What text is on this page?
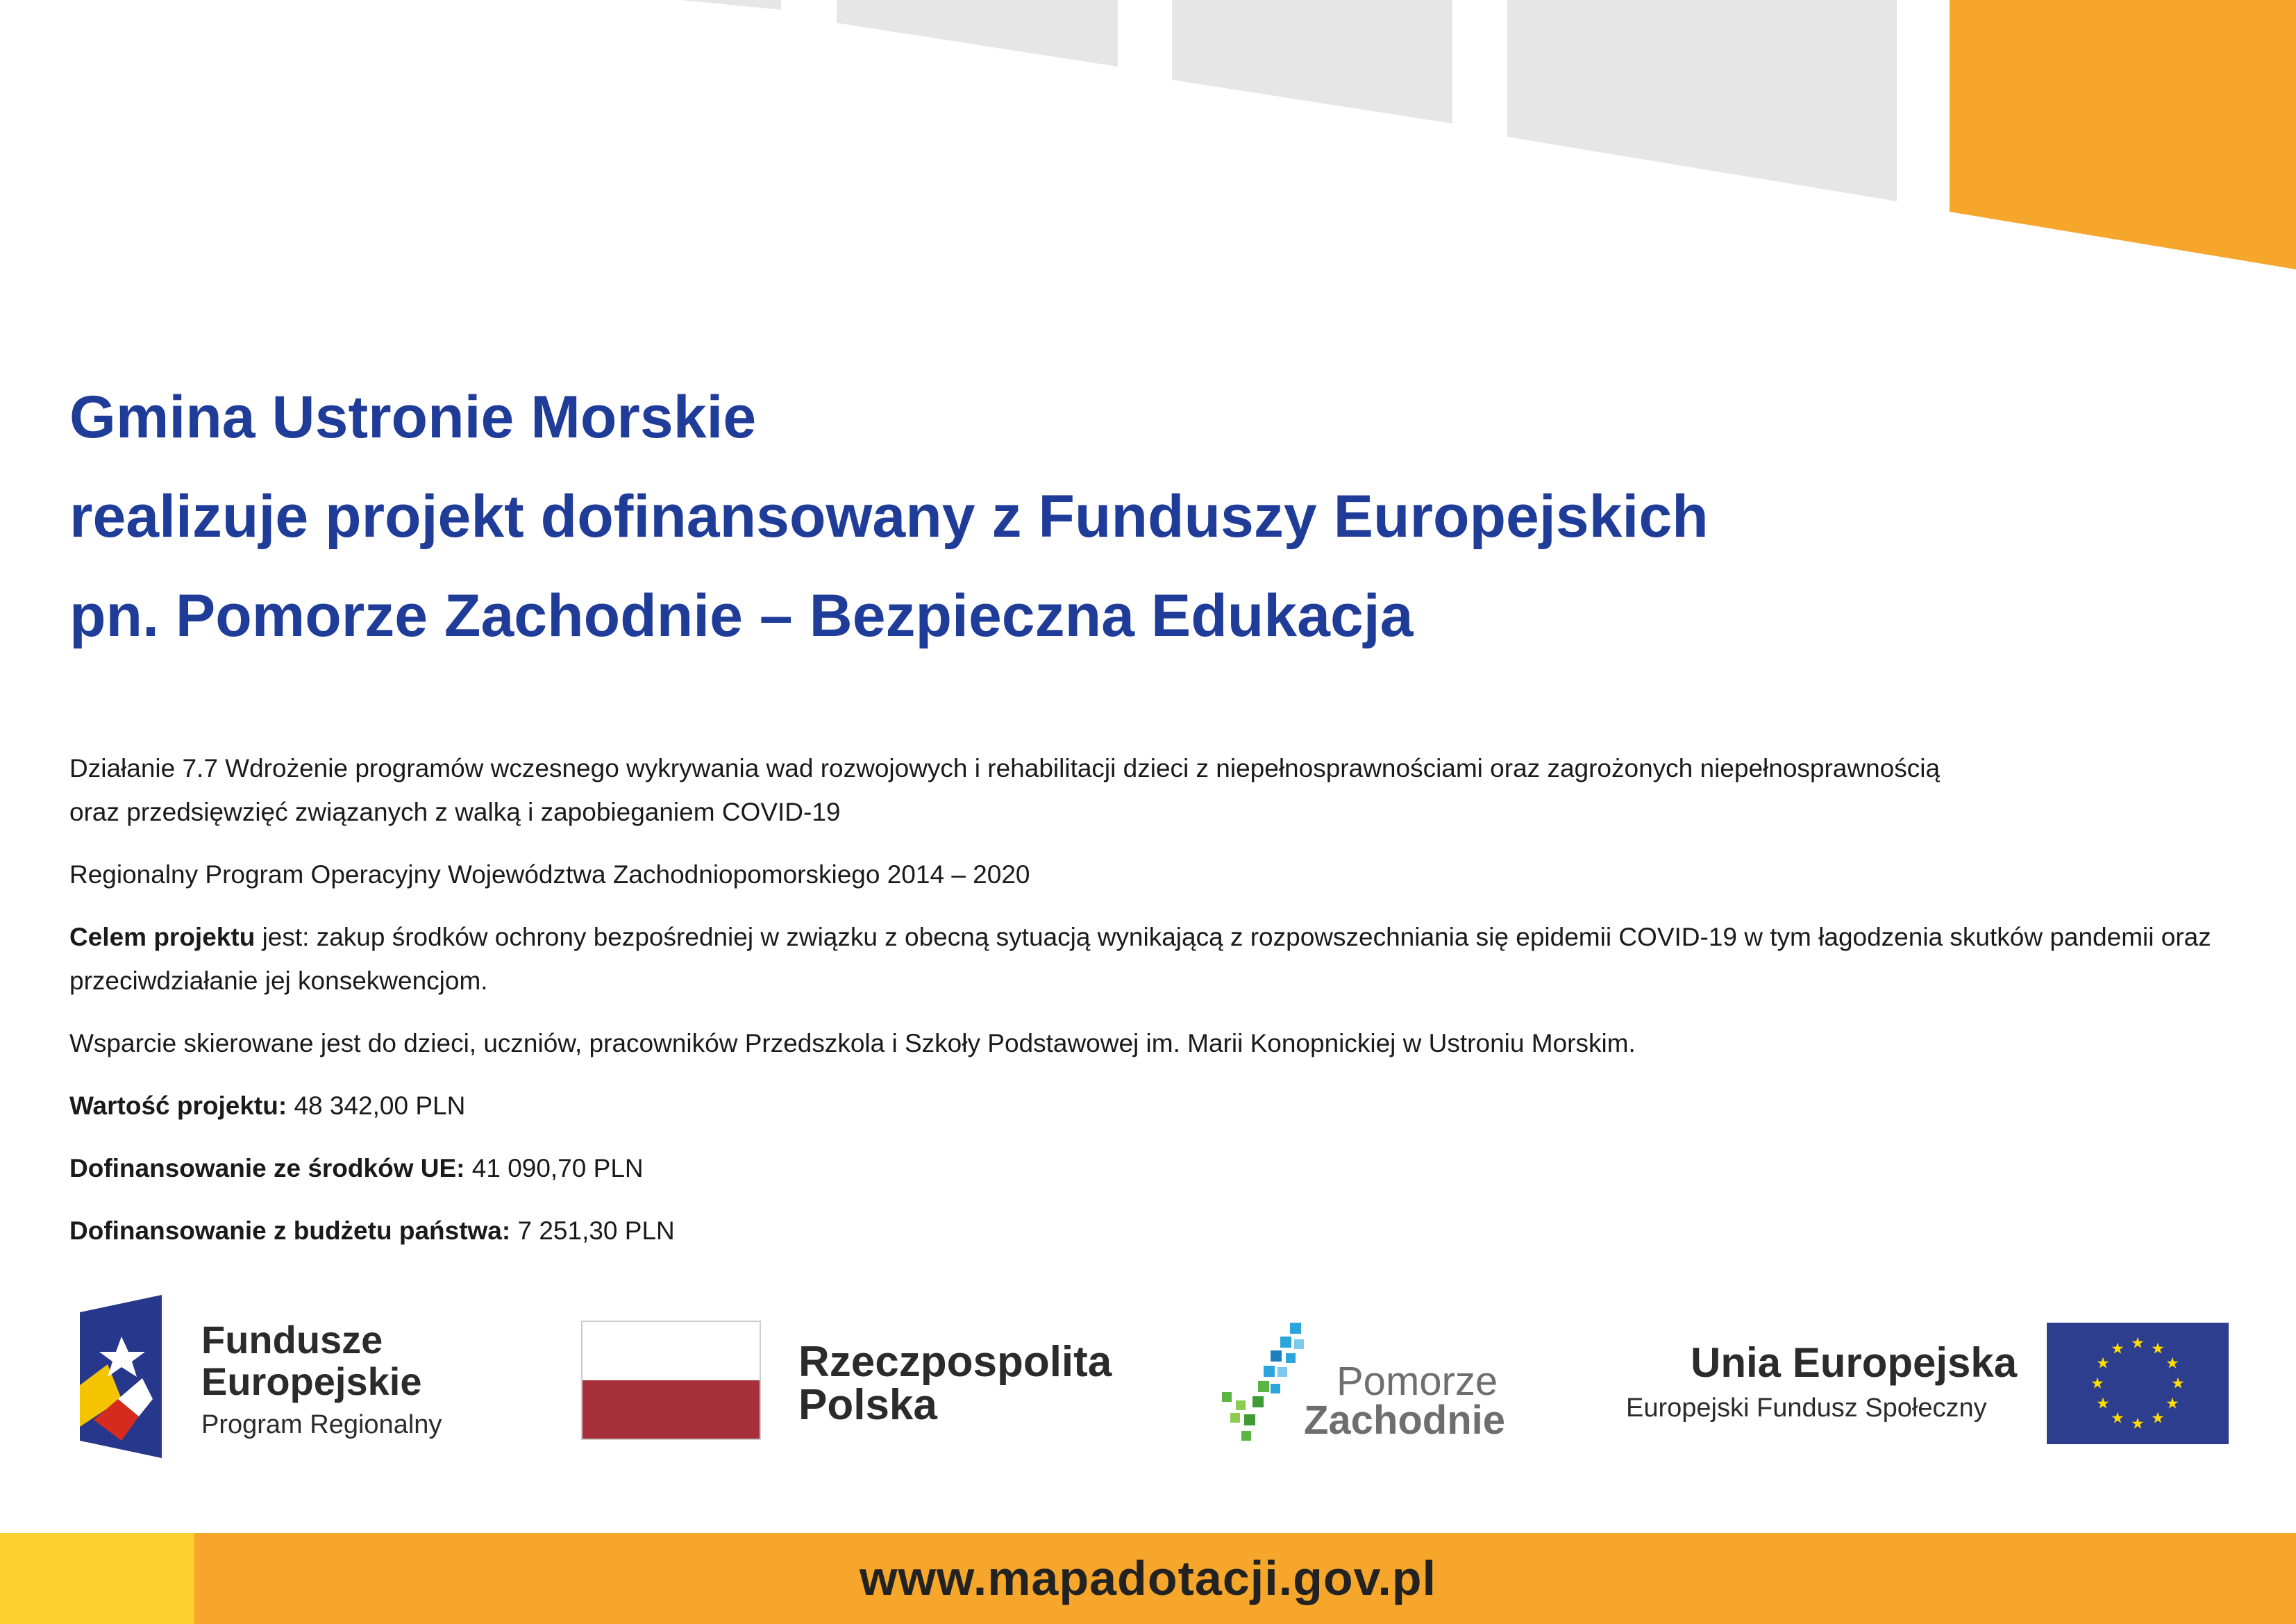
Gmina Ustronie Morskie
realizuje projekt dofinansowany z Funduszy Europejskich
pn. Pomorze Zachodnie – Bezpieczna Edukacja

Działanie 7.7 Wdrożenie programów wczesnego wykrywania wad rozwojowych i rehabilitacji dzieci z niepełnosprawnościami oraz zagrożonych niepełnosprawnością
oraz przedsięwzięć związanych z walką i zapobieganiem COVID-19

Regionalny Program Operacyjny Województwa Zachodniopomorskiego 2014 – 2020

Celem projektu jest: zakup środków ochrony bezpośredniej w związku z obecną sytuacją wynikającą z rozpowszechniania się epidemii COVID-19 w tym łagodzenia skutków pandemii oraz przeciwdziałanie jej konsekwencjom.

Wsparcie skierowane jest do dzieci, uczniów, pracowników Przedszkola i Szkoły Podstawowej im. Marii Konopnickiej w Ustroniu Morskim.

Wartość projektu: 48 342,00 PLN

Dofinansowanie ze środków UE: 41 090,70 PLN

Dofinansowanie z budżetu państwa: 7 251,30 PLN

Fundusze
Europejskie
Program Regionalny
Rzeczpospolita
Polska	Pomorze
Zachodnie
Unia Europejska
Europejski Fundusz Społeczny
★ ★
★
★
★
★
★
★
★
★
★
★
www.mapadotacji.gov.pl
